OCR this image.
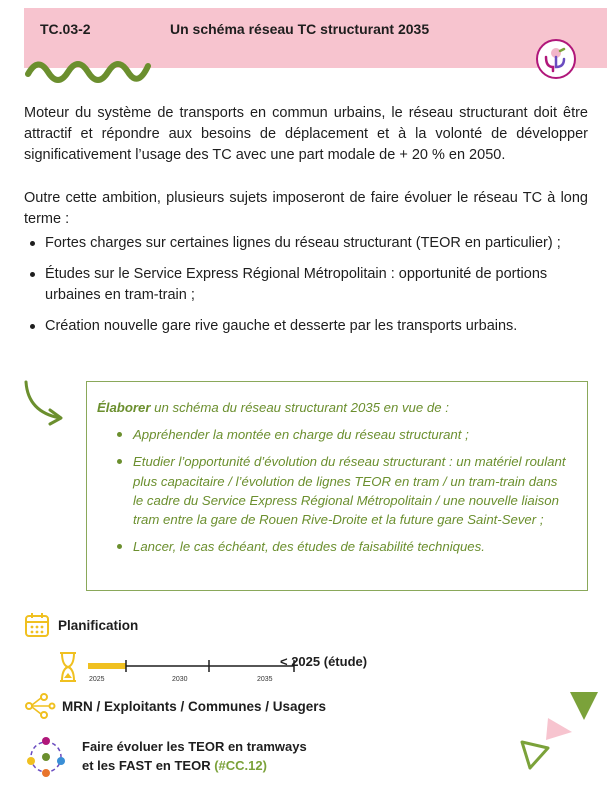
TC.03-2	Un schéma réseau TC structurant 2035
Moteur du système de transports en commun urbains, le réseau structurant doit être attractif et répondre aux besoins de déplacement et à la volonté de développer significativement l’usage des TC avec une part modale de + 20 % en 2050.
Outre cette ambition, plusieurs sujets imposeront de faire évoluer le réseau TC à long terme :
Fortes charges sur certaines lignes du réseau structurant (TEOR en particulier) ;
Études sur le Service Express Régional Métropolitain : opportunité de portions urbaines en tram-train ;
Création nouvelle gare rive gauche et desserte par les transports urbains.
Élaborer un schéma du réseau structurant 2035 en vue de :
Appréhender la montée en charge du réseau structurant ;
Etudier l’opportunité d’évolution du réseau structurant : un matériel roulant plus capacitaire / l’évolution de lignes TEOR en tram / un tram-train dans le cadre du Service Express Régional Métropolitain / une nouvelle liaison tram entre la gare de Rouen Rive-Droite et la future gare Saint-Sever ;
Lancer, le cas échéant, des études de faisabilité techniques.
Planification
2025	2030	2035
< 2025 (étude)
MRN / Exploitants / Communes / Usagers
Faire évoluer les TEOR en tramways
et les FAST en TEOR (#CC.12)
